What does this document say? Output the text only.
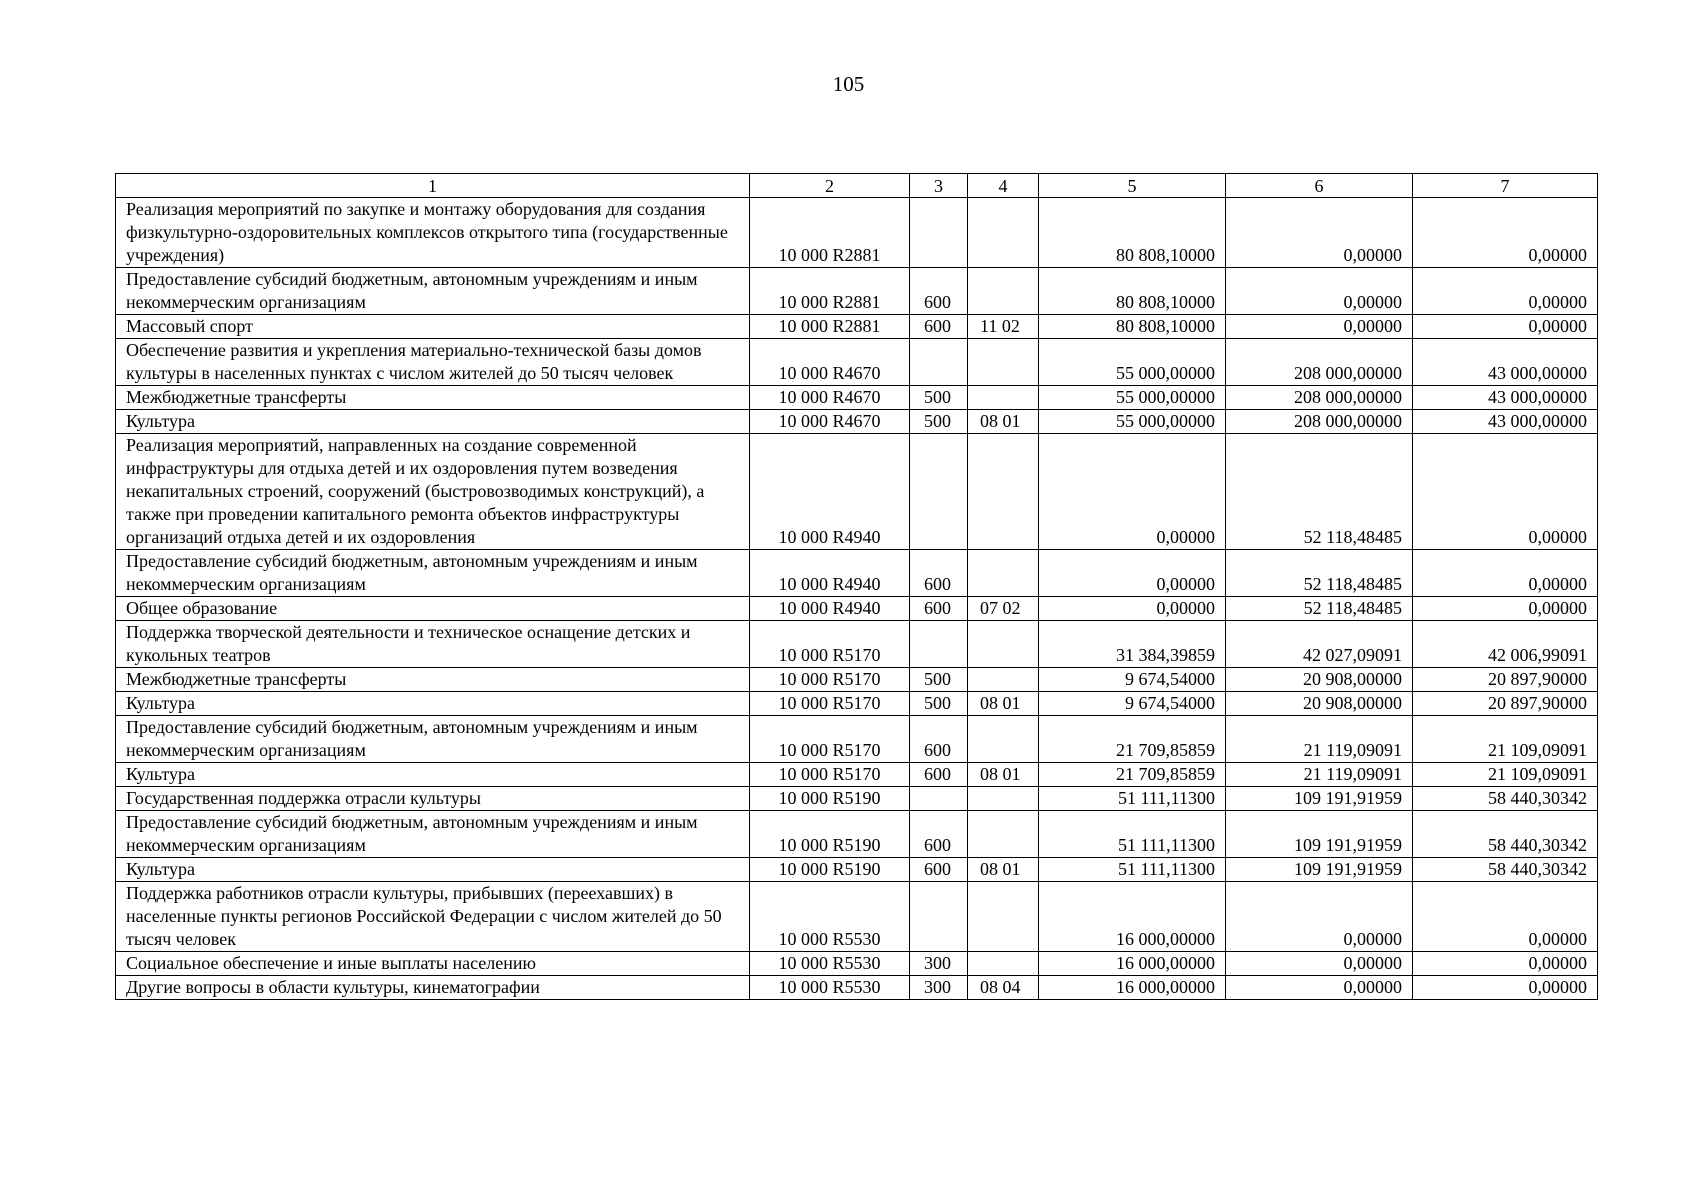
105
1	2	3	4	5	6	7
Реализация мероприятий по закупке и монтажу оборудования для создания физкультурно-оздоровительных комплексов открытого типа (государственные учреждения)	10 000 R2881			80 808,10000	0,00000	0,00000
Предоставление субсидий бюджетным, автономным учреждениям и иным некоммерческим организациям	10 000 R2881	600		80 808,10000	0,00000	0,00000
Массовый спорт	10 000 R2881	600	11 02	80 808,10000	0,00000	0,00000
Обеспечение развития и укрепления материально-технической базы домов культуры в населенных пунктах с числом жителей до 50 тысяч человек	10 000 R4670			55 000,00000	208 000,00000	43 000,00000
Межбюджетные трансферты	10 000 R4670	500		55 000,00000	208 000,00000	43 000,00000
Культура	10 000 R4670	500	08 01	55 000,00000	208 000,00000	43 000,00000
Реализация мероприятий, направленных на создание современной инфраструктуры для отдыха детей и их оздоровления путем возведения некапитальных строений, сооружений (быстровозводимых конструкций), а также при проведении капитального ремонта объектов инфраструктуры организаций отдыха детей и их оздоровления	10 000 R4940			0,00000	52 118,48485	0,00000
Предоставление субсидий бюджетным, автономным учреждениям и иным некоммерческим организациям	10 000 R4940	600		0,00000	52 118,48485	0,00000
Общее образование	10 000 R4940	600	07 02	0,00000	52 118,48485	0,00000
Поддержка творческой деятельности и техническое оснащение детских и кукольных театров	10 000 R5170			31 384,39859	42 027,09091	42 006,99091
Межбюджетные трансферты	10 000 R5170	500		9 674,54000	20 908,00000	20 897,90000
Культура	10 000 R5170	500	08 01	9 674,54000	20 908,00000	20 897,90000
Предоставление субсидий бюджетным, автономным учреждениям и иным некоммерческим организациям	10 000 R5170	600		21 709,85859	21 119,09091	21 109,09091
Культура	10 000 R5170	600	08 01	21 709,85859	21 119,09091	21 109,09091
Государственная поддержка отрасли культуры	10 000 R5190			51 111,11300	109 191,91959	58 440,30342
Предоставление субсидий бюджетным, автономным учреждениям и иным некоммерческим организациям	10 000 R5190	600		51 111,11300	109 191,91959	58 440,30342
Культура	10 000 R5190	600	08 01	51 111,11300	109 191,91959	58 440,30342
Поддержка работников отрасли культуры, прибывших (переехавших) в населенные пункты регионов Российской Федерации с числом жителей до 50 тысяч человек	10 000 R5530			16 000,00000	0,00000	0,00000
Социальное обеспечение и иные выплаты населению	10 000 R5530	300		16 000,00000	0,00000	0,00000
Другие вопросы в области культуры, кинематографии	10 000 R5530	300	08 04	16 000,00000	0,00000	0,00000
